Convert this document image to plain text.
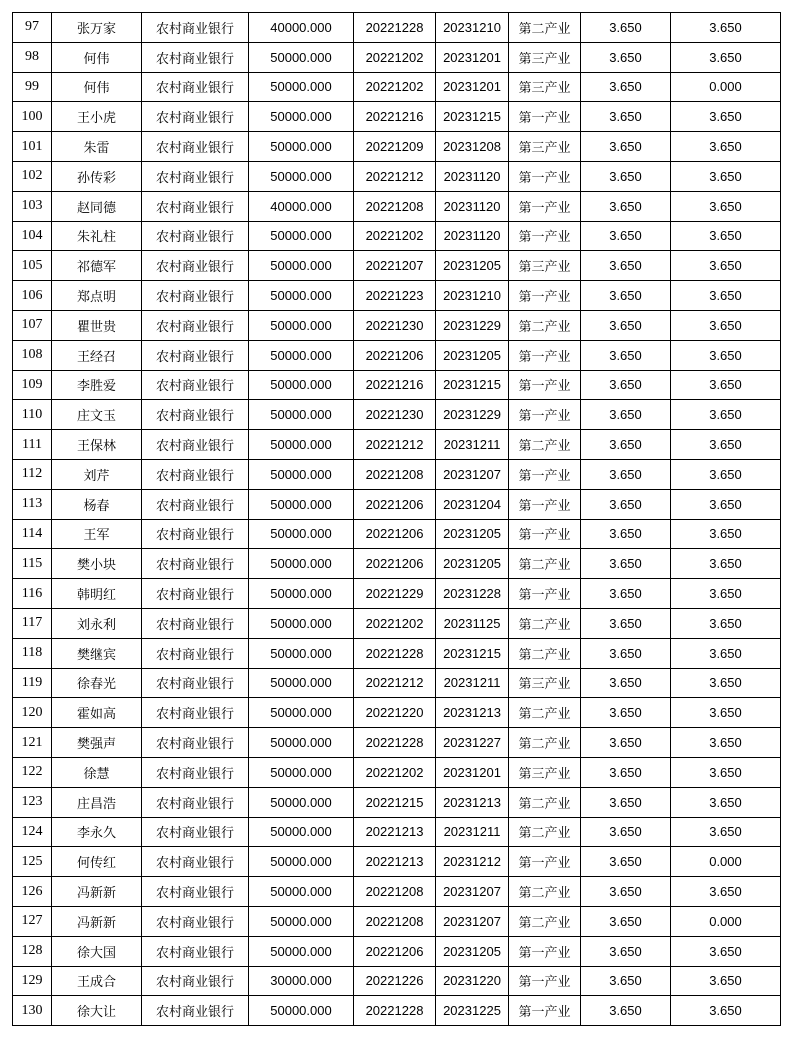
97	张万家	农村商业银行	40000.000	20221228	20231210	第二产业	3.650	3.650
98	何伟	农村商业银行	50000.000	20221202	20231201	第三产业	3.650	3.650
99	何伟	农村商业银行	50000.000	20221202	20231201	第三产业	3.650	0.000
100	王小虎	农村商业银行	50000.000	20221216	20231215	第一产业	3.650	3.650
101	朱雷	农村商业银行	50000.000	20221209	20231208	第三产业	3.650	3.650
102	孙传彩	农村商业银行	50000.000	20221212	20231120	第一产业	3.650	3.650
103	赵同德	农村商业银行	40000.000	20221208	20231120	第一产业	3.650	3.650
104	朱礼柱	农村商业银行	50000.000	20221202	20231120	第一产业	3.650	3.650
105	祁德军	农村商业银行	50000.000	20221207	20231205	第三产业	3.650	3.650
106	郑点明	农村商业银行	50000.000	20221223	20231210	第一产业	3.650	3.650
107	瞿世贵	农村商业银行	50000.000	20221230	20231229	第二产业	3.650	3.650
108	王经召	农村商业银行	50000.000	20221206	20231205	第一产业	3.650	3.650
109	李胜爱	农村商业银行	50000.000	20221216	20231215	第一产业	3.650	3.650
110	庄文玉	农村商业银行	50000.000	20221230	20231229	第一产业	3.650	3.650
111	王保林	农村商业银行	50000.000	20221212	20231211	第二产业	3.650	3.650
112	刘芹	农村商业银行	50000.000	20221208	20231207	第一产业	3.650	3.650
113	杨春	农村商业银行	50000.000	20221206	20231204	第一产业	3.650	3.650
114	王军	农村商业银行	50000.000	20221206	20231205	第一产业	3.650	3.650
115	樊小块	农村商业银行	50000.000	20221206	20231205	第二产业	3.650	3.650
116	韩明红	农村商业银行	50000.000	20221229	20231228	第一产业	3.650	3.650
117	刘永利	农村商业银行	50000.000	20221202	20231125	第二产业	3.650	3.650
118	樊继宾	农村商业银行	50000.000	20221228	20231215	第二产业	3.650	3.650
119	徐春光	农村商业银行	50000.000	20221212	20231211	第三产业	3.650	3.650
120	霍如高	农村商业银行	50000.000	20221220	20231213	第二产业	3.650	3.650
121	樊强声	农村商业银行	50000.000	20221228	20231227	第二产业	3.650	3.650
122	徐慧	农村商业银行	50000.000	20221202	20231201	第三产业	3.650	3.650
123	庄昌浩	农村商业银行	50000.000	20221215	20231213	第二产业	3.650	3.650
124	李永久	农村商业银行	50000.000	20221213	20231211	第二产业	3.650	3.650
125	何传红	农村商业银行	50000.000	20221213	20231212	第一产业	3.650	0.000
126	冯新新	农村商业银行	50000.000	20221208	20231207	第二产业	3.650	3.650
127	冯新新	农村商业银行	50000.000	20221208	20231207	第二产业	3.650	0.000
128	徐大国	农村商业银行	50000.000	20221206	20231205	第一产业	3.650	3.650
129	王成合	农村商业银行	30000.000	20221226	20231220	第一产业	3.650	3.650
130	徐大让	农村商业银行	50000.000	20221228	20231225	第一产业	3.650	3.650
